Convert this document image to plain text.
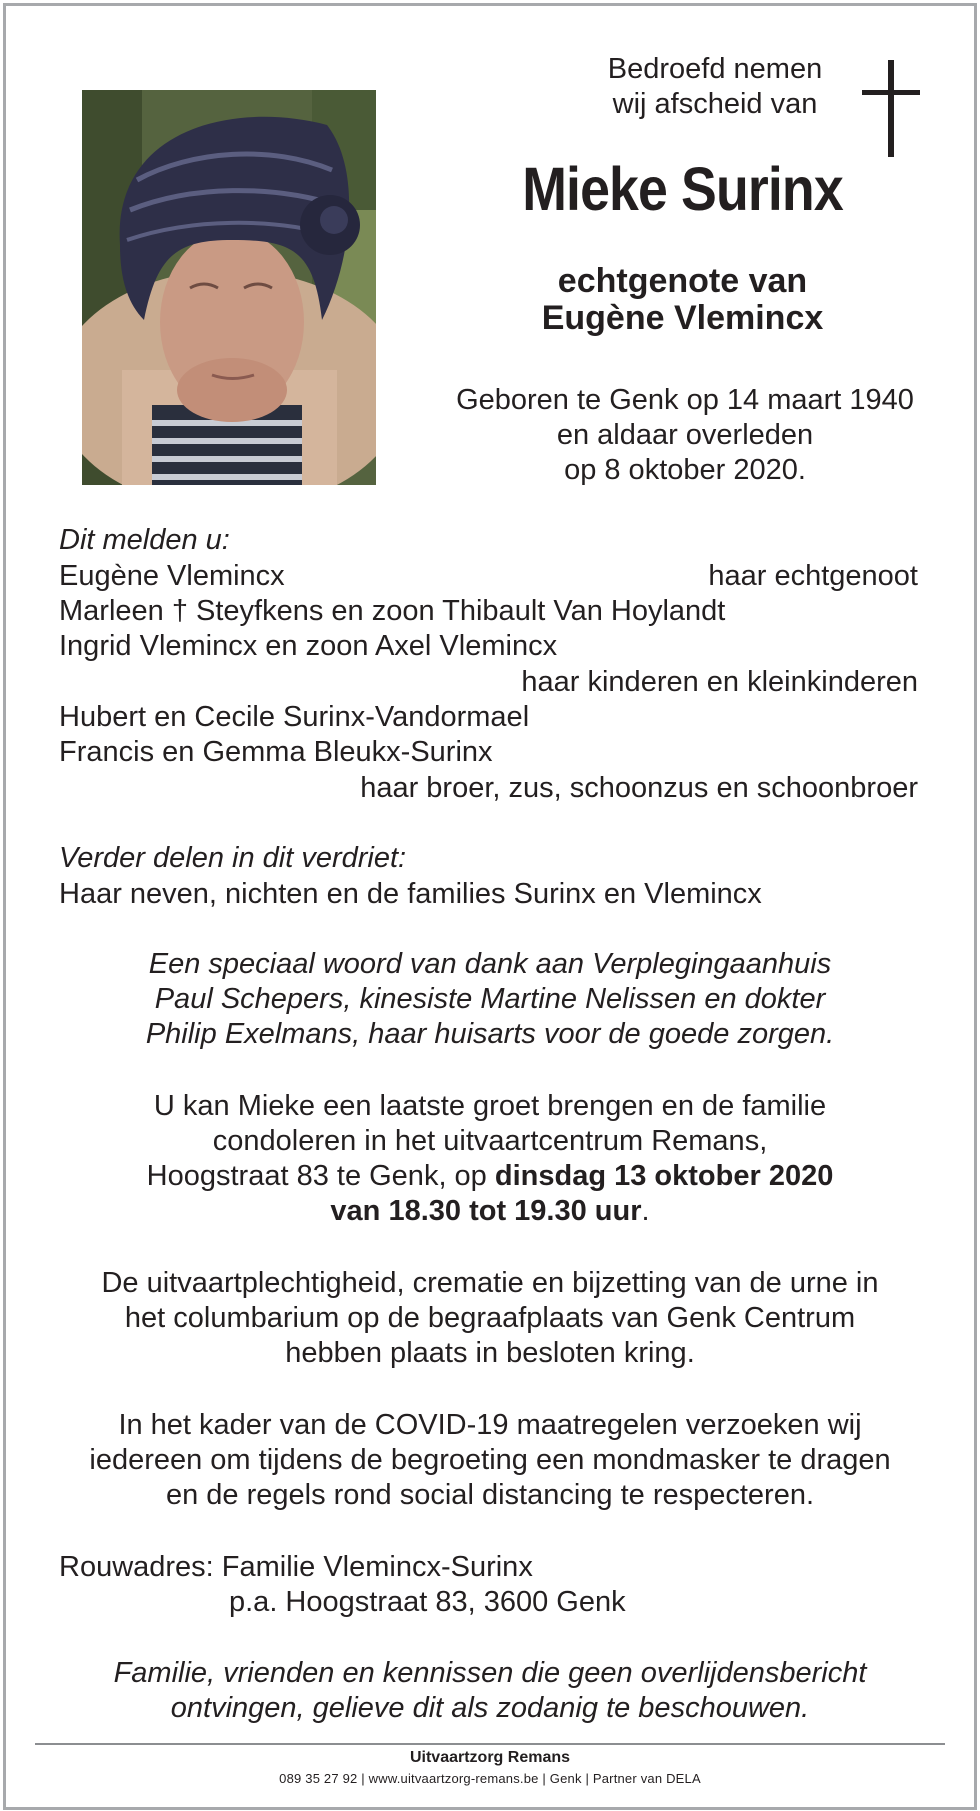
Bedroefd nemen
wij afscheid van
Mieke Surinx
echtgenote van
Eugène Vlemincx
Geboren te Genk op 14 maart 1940
en aldaar overleden
op 8 oktober 2020.
Dit melden u:
Eugène Vlemincx	haar echtgenoot
Marleen † Steyfkens en zoon Thibault Van Hoylandt
Ingrid Vlemincx en zoon Axel Vlemincx
haar kinderen en kleinkinderen
Hubert en Cecile Surinx-Vandormael
Francis en Gemma Bleukx-Surinx
haar broer, zus, schoonzus en schoonbroer
Verder delen in dit verdriet:
Haar neven, nichten en de families Surinx en Vlemincx
Een speciaal woord van dank aan Verplegingaanhuis
Paul Schepers, kinesiste Martine Nelissen en dokter
Philip Exelmans, haar huisarts voor de goede zorgen.
U kan Mieke een laatste groet brengen en de familie
condoleren in het uitvaartcentrum Remans,
Hoogstraat 83 te Genk, op dinsdag 13 oktober 2020
van 18.30 tot 19.30 uur.
De uitvaartplechtigheid, crematie en bijzetting van de urne in
het columbarium op de begraafplaats van Genk Centrum
hebben plaats in besloten kring.
In het kader van de COVID-19 maatregelen verzoeken wij
iedereen om tijdens de begroeting een mondmasker te dragen
en de regels rond social distancing te respecteren.
Rouwadres: Familie Vlemincx-Surinx
p.a. Hoogstraat 83, 3600 Genk
Familie, vrienden en kennissen die geen overlijdensbericht
ontvingen, gelieve dit als zodanig te beschouwen.
Uitvaartzorg Remans
089 35 27 92 | www.uitvaartzorg-remans.be | Genk | Partner van DELA
